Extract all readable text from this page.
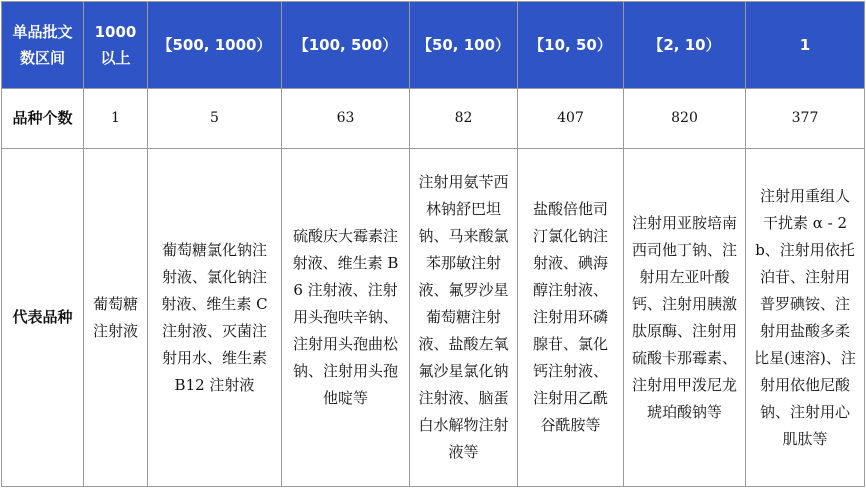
单品批文数区间	1000以上	【500, 1000）	【100, 500）	【50, 100）	【10, 50）	【2, 10）	1
品种个数	1	5	63	82	407	820	377
代表品种	葡萄糖注射液	葡萄糖氯化钠注射液、氯化钠注射液、维生素 C 注射液、灭菌注射用水、维生素 B12 注射液	硫酸庆大霉素注射液、维生素 B6 注射液、注射用头孢呋辛钠、注射用头孢曲松钠、注射用头孢他啶等	注射用氨苄西林钠舒巴坦钠、马来酸氯苯那敏注射液、氟罗沙星葡萄糖注射液、盐酸左氧氟沙星氯化钠注射液、脑蛋白水解物注射液等	盐酸倍他司汀氯化钠注射液、碘海醇注射液、注射用环磷腺苷、氯化钙注射液、注射用乙酰谷酰胺等	注射用亚胺培南西司他丁钠、注射用左亚叶酸钙、注射用胰激肽原酶、注射用硫酸卡那霉素、注射用甲泼尼龙琥珀酸钠等	注射用重组人干扰素 α - 2b、注射用依托泊苷、注射用普罗碘铵、注射用盐酸多柔比星(速溶)、注射用依他尼酸钠、注射用心肌肽等
